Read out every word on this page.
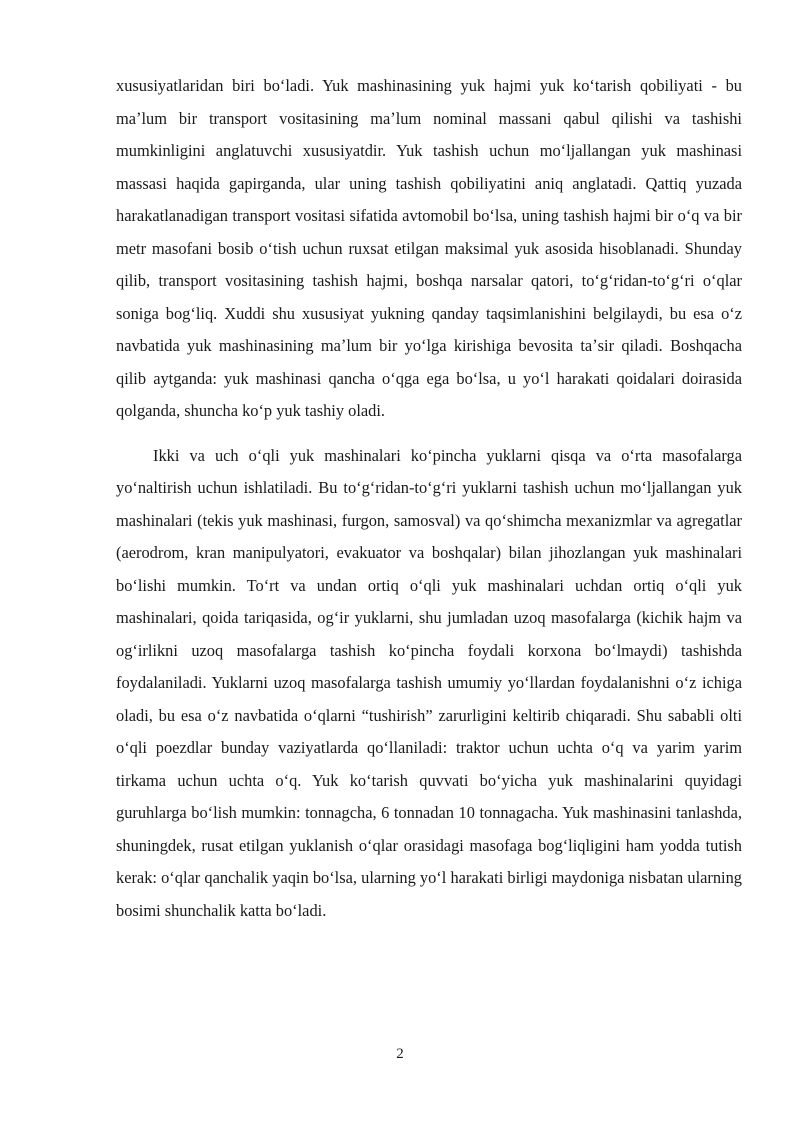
xususiyatlaridan biri boʻladi. Yuk mashinasining yuk hajmi yuk koʻtarish qobiliyati - bu maʼlum bir transport vositasining maʼlum nominal massani qabul qilishi va tashishi mumkinligini anglatuvchi xususiyatdir. Yuk tashish uchun moʻljallangan yuk mashinasi massasi haqida gapirganda, ular uning tashish qobiliyatini aniq anglatadi. Qattiq yuzada harakatlanadigan transport vositasi sifatida avtomobil boʻlsa, uning tashish hajmi bir oʻq va bir metr masofani bosib oʻtish uchun ruxsat etilgan maksimal yuk asosida hisoblanadi. Shunday qilib, transport vositasining tashish hajmi, boshqa narsalar qatori, toʻgʻridan-toʻgʻri oʻqlar soniga bogʻliq. Xuddi shu xususiyat yukning qanday taqsimlanishini belgilaydi, bu esa oʻz navbatida yuk mashinasining maʼlum bir yoʻlga kirishiga bevosita taʼsir qiladi. Boshqacha qilib aytganda: yuk mashinasi qancha oʻqga ega boʻlsa, u yoʻl harakati qoidalari doirasida qolganda, shuncha koʻp yuk tashiy oladi.

Ikki va uch oʻqli yuk mashinalari koʻpincha yuklarni qisqa va oʻrta masofalarga yoʻnaltirish uchun ishlatiladi. Bu toʻgʻridan-toʻgʻri yuklarni tashish uchun moʻljallangan yuk mashinalari (tekis yuk mashinasi, furgon, samosval) va qoʻshimcha mexanizmlar va agregatlar (aerodrom, kran manipulyatori, evakuator va boshqalar) bilan jihozlangan yuk mashinalari boʻlishi mumkin. Toʻrt va undan ortiq oʻqli yuk mashinalari uchdan ortiq oʻqli yuk mashinalari, qoida tariqasida, ogʻir yuklarni, shu jumladan uzoq masofalarga (kichik hajm va ogʻirlikni uzoq masofalarga tashish koʻpincha foydali korxona boʻlmaydi) tashishda foydalaniladi. Yuklarni uzoq masofalarga tashish umumiy yoʻllardan foydalanishni oʻz ichiga oladi, bu esa oʻz navbatida oʻqlarni “tushirish” zarurligini keltirib chiqaradi. Shu sababli olti oʻqli poezdlar bunday vaziyatlarda qoʻllaniladi: traktor uchun uchta oʻq va yarim yarim tirkama uchun uchta oʻq. Yuk koʻtarish quvvati boʻyicha yuk mashinalarini quyidagi guruhlarga boʻlish mumkin: tonnagcha, 6 tonnadan 10 tonnagacha. Yuk mashinasini tanlashda, shuningdek, rusat etilgan yuklanish oʻqlar orasidagi masofaga bogʻliqligini ham yodda tutish kerak: oʻqlar qanchalik yaqin boʻlsa, ularning yoʻl harakati birligi maydoniga nisbatan ularning bosimi shunchalik katta boʻladi.

2
